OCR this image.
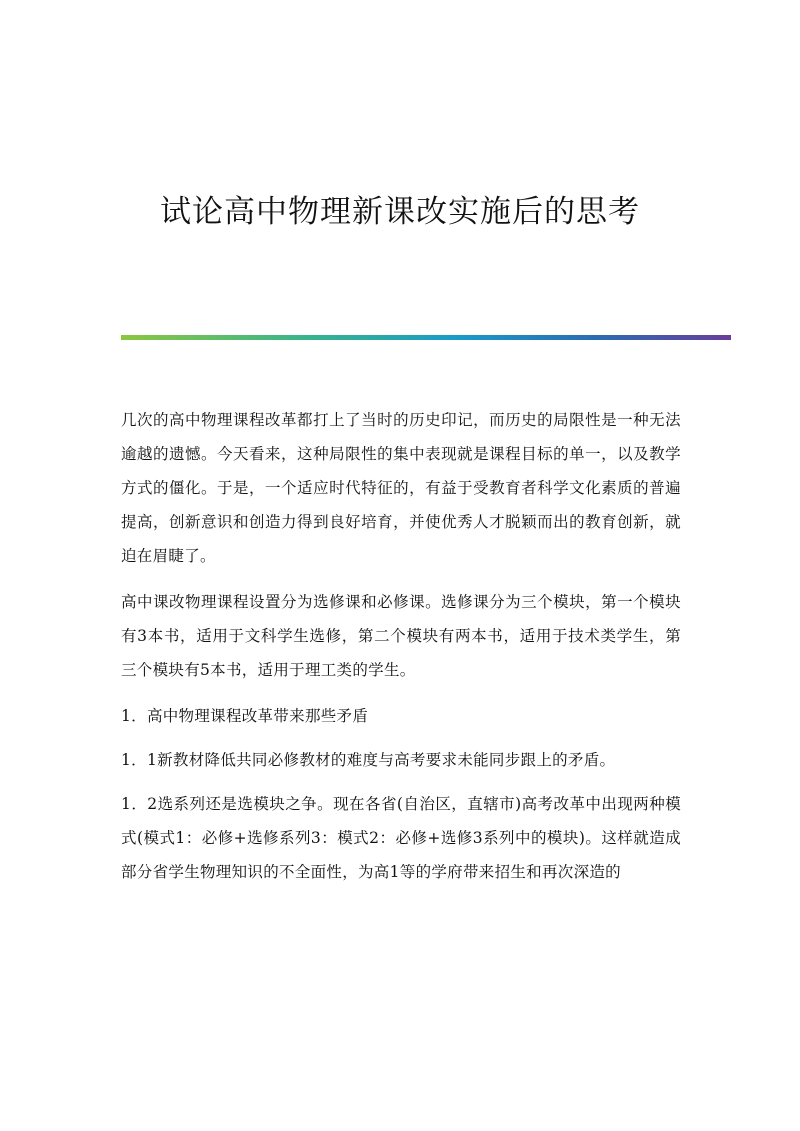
试论高中物理新课改实施后的思考

几次的高中物理课程改革都打上了当时的历史印记，而历史的局限性是一种无法逾越的遗憾。今天看来，这种局限性的集中表现就是课程目标的单一，以及教学方式的僵化。于是，一个适应时代特征的，有益于受教育者科学文化素质的普遍提高，创新意识和创造力得到良好培育，并使优秀人才脱颖而出的教育创新，就迫在眉睫了。

高中课改物理课程设置分为选修课和必修课。选修课分为三个模块，第一个模块有3本书，适用于文科学生选修，第二个模块有两本书，适用于技术类学生，第三个模块有5本书，适用于理工类的学生。

1．高中物理课程改革带来那些矛盾

1．1新教材降低共同必修教材的难度与高考要求未能同步跟上的矛盾。

1．2选系列还是选模块之争。现在各省(自治区，直辖市)高考改革中出现两种模式(模式1：必修+选修系列3：模式2：必修+选修3系列中的模块)。这样就造成部分省学生物理知识的不全面性，为高1等的学府带来招生和再次深造的
